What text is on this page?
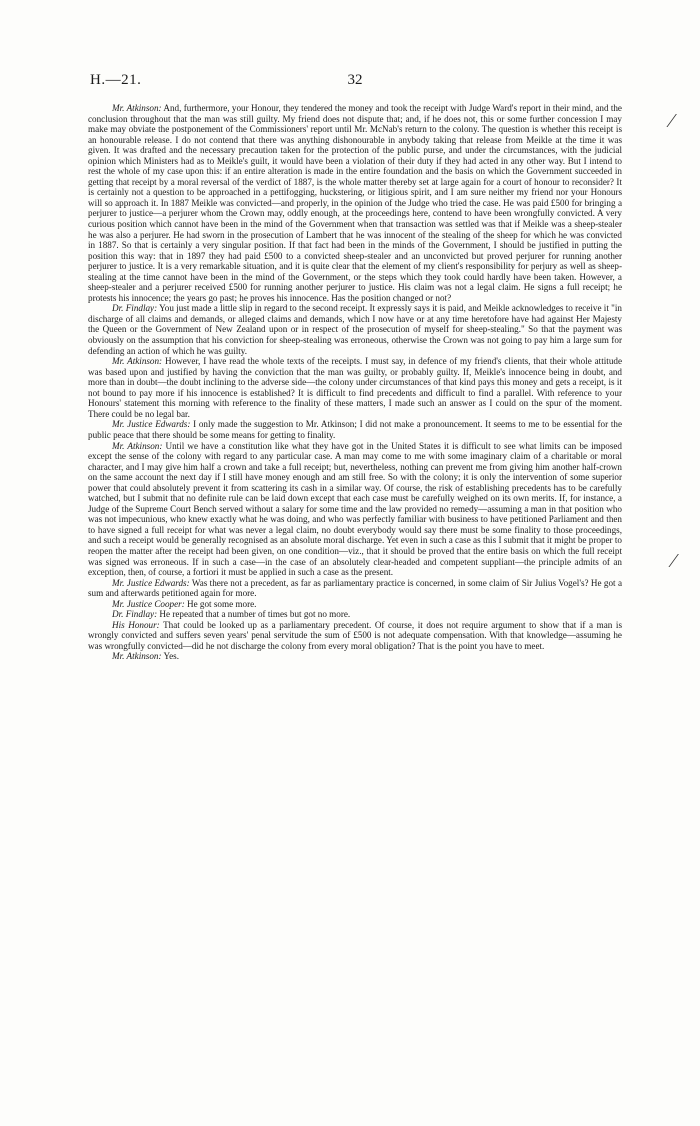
H.—21.	32
⁄
⁄

Mr. Atkinson: And, furthermore, your Honour, they tendered the money and took the receipt with Judge Ward's report in their mind, and the conclusion throughout that the man was still guilty. My friend does not dispute that; and, if he does not, this or some further concession I may make may obviate the postponement of the Commissioners' report until Mr. McNab's return to the colony. The question is whether this receipt is an honourable release. I do not contend that there was anything dishonourable in anybody taking that release from Meikle at the time it was given. It was drafted and the necessary precaution taken for the protection of the public purse, and under the circumstances, with the judicial opinion which Ministers had as to Meikle's guilt, it would have been a violation of their duty if they had acted in any other way. But I intend to rest the whole of my case upon this: if an entire alteration is made in the entire foundation and the basis on which the Government succeeded in getting that receipt by a moral reversal of the verdict of 1887, is the whole matter thereby set at large again for a court of honour to reconsider? It is certainly not a question to be approached in a pettifogging, huckstering, or litigious spirit, and I am sure neither my friend nor your Honours will so approach it. In 1887 Meikle was convicted—and properly, in the opinion of the Judge who tried the case. He was paid £500 for bringing a perjurer to justice—a perjurer whom the Crown may, oddly enough, at the proceedings here, contend to have been wrongfully convicted. A very curious position which cannot have been in the mind of the Government when that transaction was settled was that if Meikle was a sheep-stealer he was also a perjurer. He had sworn in the prosecution of Lambert that he was innocent of the stealing of the sheep for which he was convicted in 1887. So that is certainly a very singular position. If that fact had been in the minds of the Government, I should be justified in putting the position this way: that in 1897 they had paid £500 to a convicted sheep-stealer and an unconvicted but proved perjurer for running another perjurer to justice. It is a very remarkable situation, and it is quite clear that the element of my client's responsibility for perjury as well as sheep-stealing at the time cannot have been in the mind of the Government, or the steps which they took could hardly have been taken. However, a sheep-stealer and a perjurer received £500 for running another perjurer to justice. His claim was not a legal claim. He signs a full receipt; he protests his innocence; the years go past; he proves his innocence. Has the position changed or not?

Dr. Findlay: You just made a little slip in regard to the second receipt. It expressly says it is paid, and Meikle acknowledges to receive it "in discharge of all claims and demands, or alleged claims and demands, which I now have or at any time heretofore have had against Her Majesty the Queen or the Government of New Zealand upon or in respect of the prosecution of myself for sheep-stealing." So that the payment was obviously on the assumption that his conviction for sheep-stealing was erroneous, otherwise the Crown was not going to pay him a large sum for defending an action of which he was guilty.

Mr. Atkinson: However, I have read the whole texts of the receipts. I must say, in defence of my friend's clients, that their whole attitude was based upon and justified by having the conviction that the man was guilty, or probably guilty. If, Meikle's innocence being in doubt, and more than in doubt—the doubt inclining to the adverse side—the colony under circumstances of that kind pays this money and gets a receipt, is it not bound to pay more if his innocence is established? It is difficult to find precedents and difficult to find a parallel. With reference to your Honours' statement this morning with reference to the finality of these matters, I made such an answer as I could on the spur of the moment. There could be no legal bar.

Mr. Justice Edwards: I only made the suggestion to Mr. Atkinson; I did not make a pronouncement. It seems to me to be essential for the public peace that there should be some means for getting to finality.

Mr. Atkinson: Until we have a constitution like what they have got in the United States it is difficult to see what limits can be imposed except the sense of the colony with regard to any particular case. A man may come to me with some imaginary claim of a charitable or moral character, and I may give him half a crown and take a full receipt; but, nevertheless, nothing can prevent me from giving him another half-crown on the same account the next day if I still have money enough and am still free. So with the colony; it is only the intervention of some superior power that could absolutely prevent it from scattering its cash in a similar way. Of course, the risk of establishing precedents has to be carefully watched, but I submit that no definite rule can be laid down except that each case must be carefully weighed on its own merits. If, for instance, a Judge of the Supreme Court Bench served without a salary for some time and the law provided no remedy—assuming a man in that position who was not impecunious, who knew exactly what he was doing, and who was perfectly familiar with business to have petitioned Parliament and then to have signed a full receipt for what was never a legal claim, no doubt everybody would say there must be some finality to those proceedings, and such a receipt would be generally recognised as an absolute moral discharge. Yet even in such a case as this I submit that it might be proper to reopen the matter after the receipt had been given, on one condition—viz., that it should be proved that the entire basis on which the full receipt was signed was erroneous. If in such a case—in the case of an absolutely clear-headed and competent suppliant—the principle admits of an exception, then, of course, a fortiori it must be applied in such a case as the present.

Mr. Justice Edwards: Was there not a precedent, as far as parliamentary practice is concerned, in some claim of Sir Julius Vogel's? He got a sum and afterwards petitioned again for more.

Mr. Justice Cooper: He got some more.

Dr. Findlay: He repeated that a number of times but got no more.

His Honour: That could be looked up as a parliamentary precedent. Of course, it does not require argument to show that if a man is wrongly convicted and suffers seven years' penal servitude the sum of £500 is not adequate compensation. With that knowledge—assuming he was wrongfully convicted—did he not discharge the colony from every moral obligation? That is the point you have to meet.

Mr. Atkinson: Yes.
